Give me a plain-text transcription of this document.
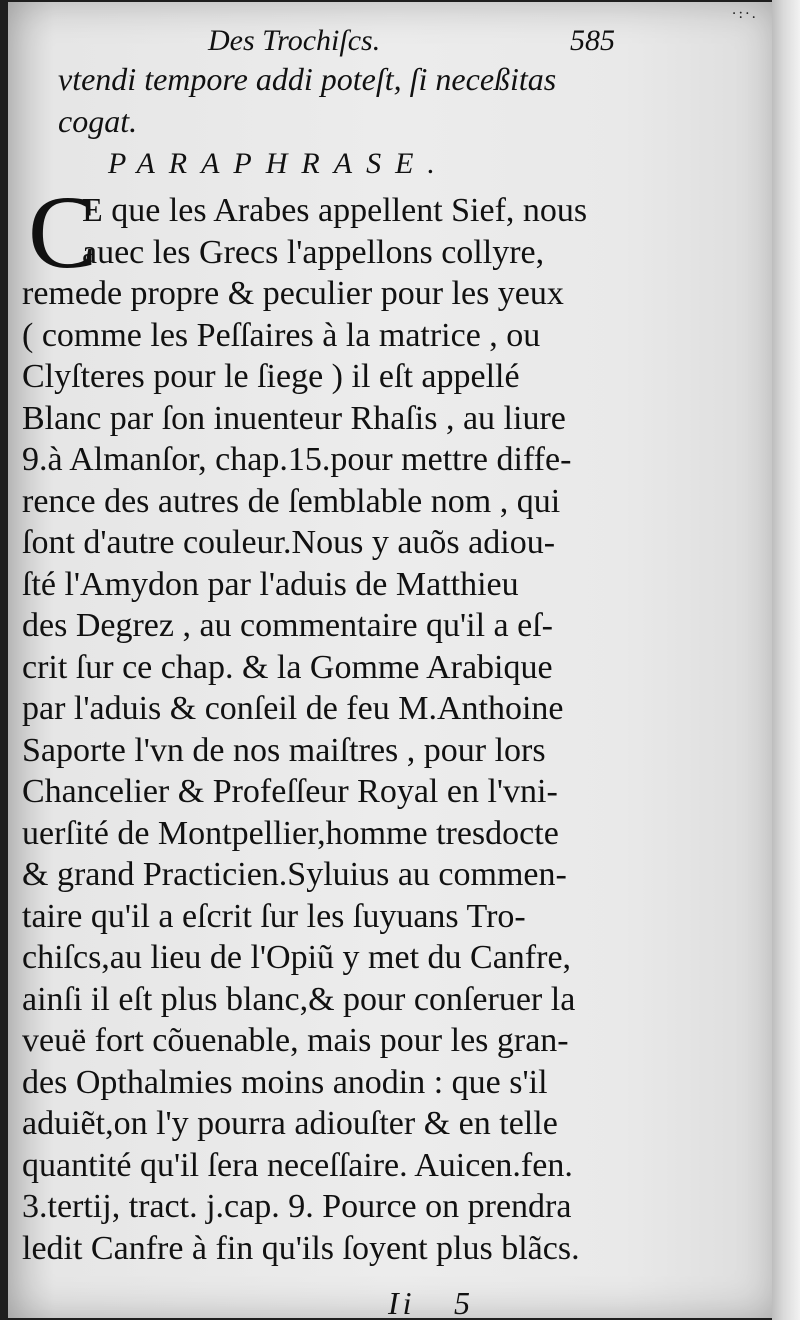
Des Trochiſcs.	585
vtendi tempore addi poteſt, ſi neceßitas
cogat.
PARAPHRASE.
C
E que les Arabes appellent Sief, nous
auec les Grecs l'appellons collyre,
remede propre & peculier pour les yeux
( comme les Peſſaires à la matrice , ou
Clyſteres pour le ſiege ) il eſt appellé
Blanc par ſon inuenteur Rhaſis , au liure
9.à Almanſor, chap.15.pour mettre diffe-
rence des autres de ſemblable nom , qui
ſont d'autre couleur.Nous y auõs adiou-
ſté l'Amydon par l'aduis de Matthieu
des Degrez , au commentaire qu'il a eſ-
crit ſur ce chap. & la Gomme Arabique
par l'aduis & conſeil de feu M.Anthoine
Saporte l'vn de nos maiſtres , pour lors
Chancelier & Profeſſeur Royal en l'vni-
uerſité de Montpellier,homme tresdocte
& grand Practicien.Syluius au commen-
taire qu'il a eſcrit ſur les ſuyuans Tro-
chiſcs,au lieu de l'Opiũ y met du Canfre,
ainſi il eſt plus blanc,& pour conſeruer la
veuë fort cõuenable, mais pour les gran-
des Opthalmies moins anodin : que s'il
aduiẽt,on l'y pourra adiouſter & en telle
quantité qu'il ſera neceſſaire. Auicen.fen.
3.tertij, tract. j.cap. 9. Pource on prendra
ledit Canfre à fin qu'ils ſoyent plus blãcs.
Ii 5
·:·.
